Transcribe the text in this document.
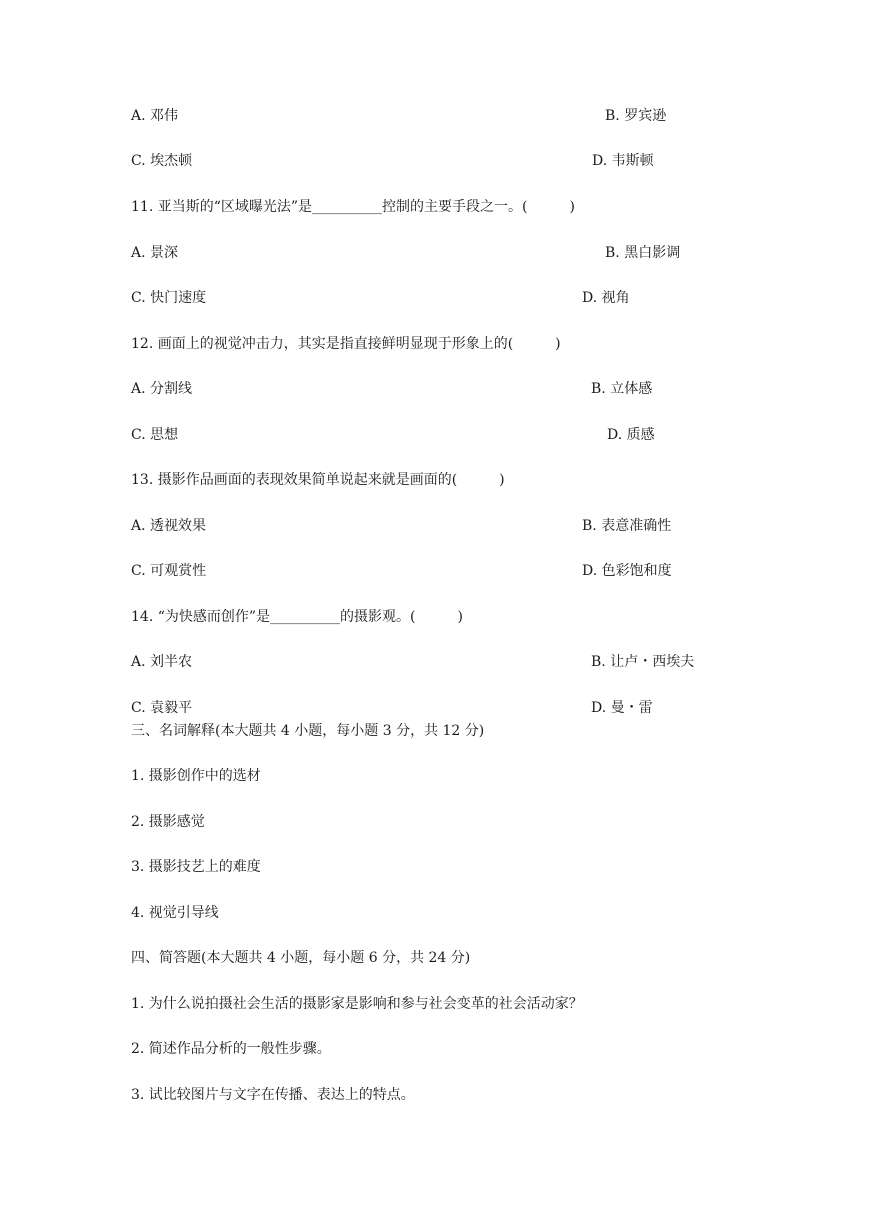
A. 邓伟	B. 罗宾逊
C. 埃杰顿	D. 韦斯顿
11. 亚当斯的“区域曝光法”是__________控制的主要手段之一。(　　　)
A. 景深	B. 黑白影调
C. 快门速度	D. 视角
12. 画面上的视觉冲击力，其实是指直接鲜明显现于形象上的(　　　)
A. 分割线	B. 立体感
C. 思想	D. 质感
13. 摄影作品画面的表现效果简单说起来就是画面的(　　　)
A. 透视效果	B. 表意准确性
C. 可观赏性	D. 色彩饱和度
14. “为快感而创作”是__________的摄影观。(　　　)
A. 刘半农	B. 让卢・西埃夫
C. 袁毅平	D. 曼・雷
三、名词解释(本大题共 4 小题，每小题 3 分，共 12 分)
1. 摄影创作中的选材
2. 摄影感觉
3. 摄影技艺上的难度
4. 视觉引导线
四、简答题(本大题共 4 小题，每小题 6 分，共 24 分)
1. 为什么说拍摄社会生活的摄影家是影响和参与社会变革的社会活动家？
2. 简述作品分析的一般性步骤。
3. 试比较图片与文字在传播、表达上的特点。
